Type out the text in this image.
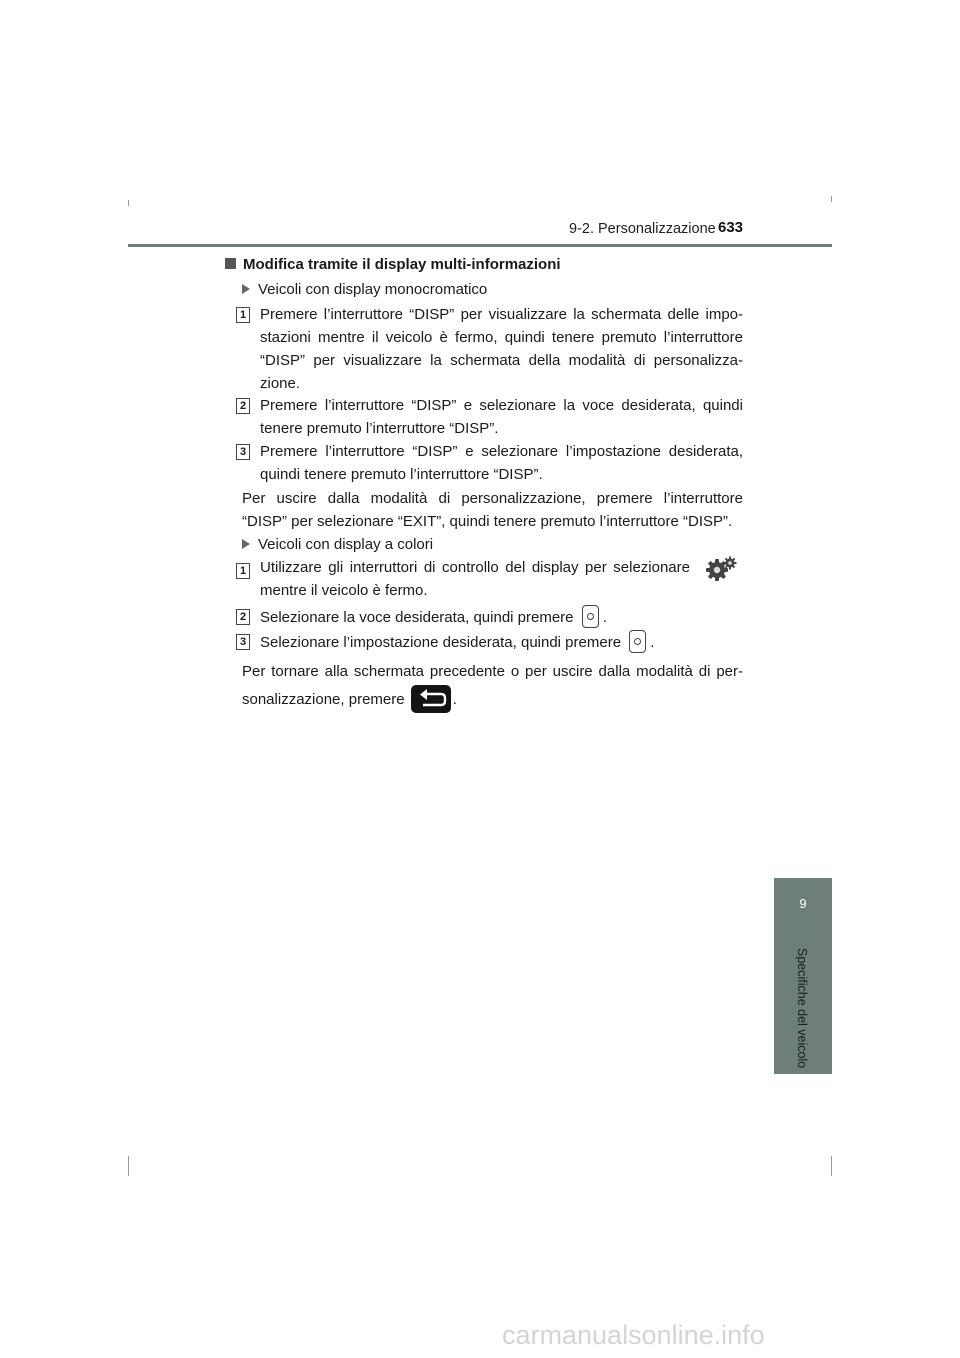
9-2. Personalizzazione 633
Modifica tramite il display multi-informazioni
Veicoli con display monocromatico
1 Premere l’interruttore “DISP” per visualizzare la schermata delle impo-
stazioni mentre il veicolo è fermo, quindi tenere premuto l’interruttore
“DISP” per visualizzare la schermata della modalità di personalizza-
zione.
2 Premere l’interruttore “DISP” e selezionare la voce desiderata, quindi
tenere premuto l’interruttore “DISP”.
3 Premere l’interruttore “DISP” e selezionare l’impostazione desiderata,
quindi tenere premuto l’interruttore “DISP”.
Per uscire dalla modalità di personalizzazione, premere l’interruttore
“DISP” per selezionare “EXIT”, quindi tenere premuto l’interruttore “DISP”.
Veicoli con display a colori
1 Utilizzare gli interruttori di controllo del display per selezionare
mentre il veicolo è fermo.
2 Selezionare la voce desiderata, quindi premere .
3 Selezionare l’impostazione desiderata, quindi premere .
Per tornare alla schermata precedente o per uscire dalla modalità di per-
sonalizzazione, premere	.
9
Specifiche del veicolo
carmanualsonline.info
